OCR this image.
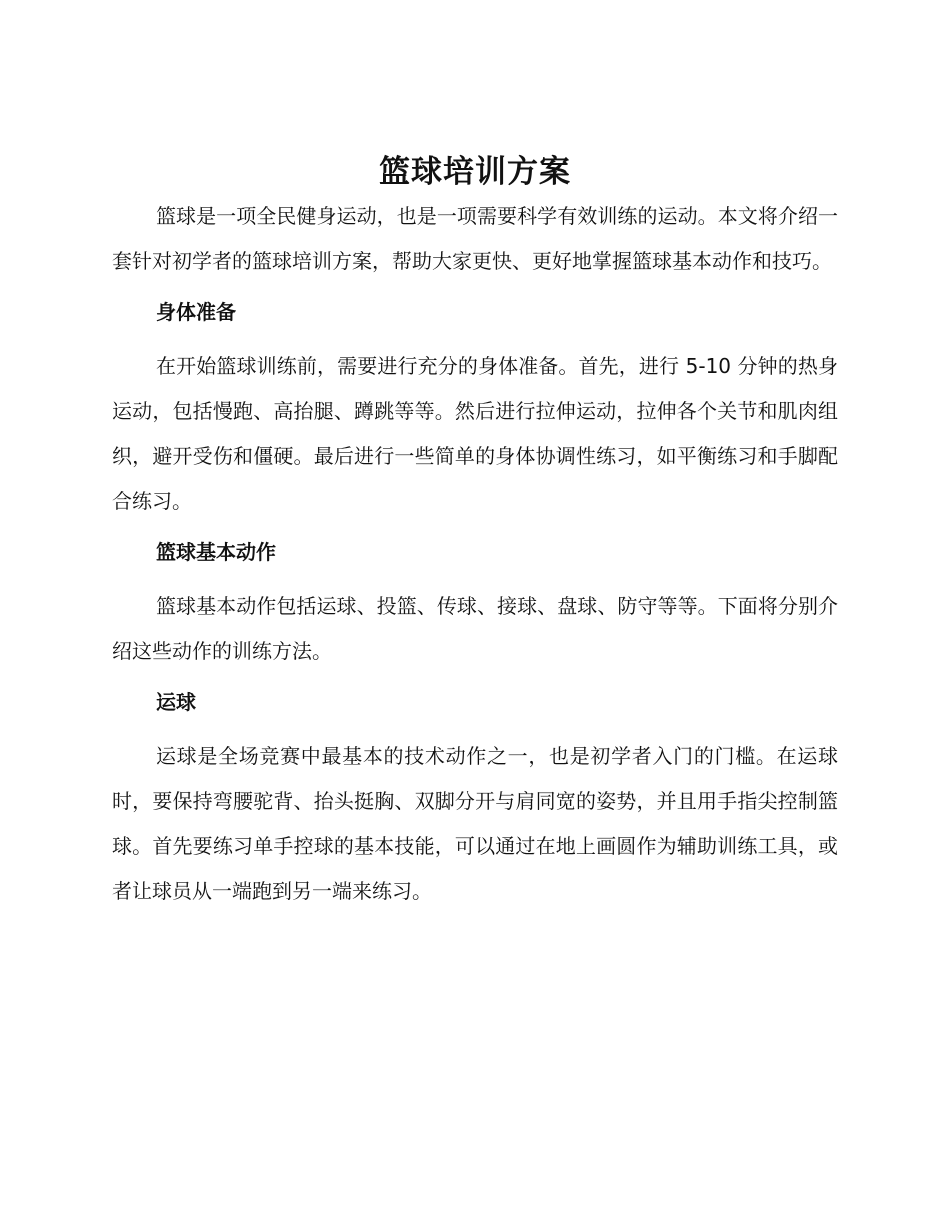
篮球培训方案

篮球是一项全民健身运动，也是一项需要科学有效训练的运动。本文将介绍一套针对初学者的篮球培训方案，帮助大家更快、更好地掌握篮球基本动作和技巧。

身体准备

在开始篮球训练前，需要进行充分的身体准备。首先，进行 5-10 分钟的热身运动，包括慢跑、高抬腿、蹲跳等等。然后进行拉伸运动，拉伸各个关节和肌肉组织，避开受伤和僵硬。最后进行一些简单的身体协调性练习，如平衡练习和手脚配合练习。

篮球基本动作

篮球基本动作包括运球、投篮、传球、接球、盘球、防守等等。下面将分别介绍这些动作的训练方法。

运球

运球是全场竞赛中最基本的技术动作之一，也是初学者入门的门槛。在运球时，要保持弯腰驼背、抬头挺胸、双脚分开与肩同宽的姿势，并且用手指尖控制篮球。首先要练习单手控球的基本技能，可以通过在地上画圆作为辅助训练工具，或者让球员从一端跑到另一端来练习。
